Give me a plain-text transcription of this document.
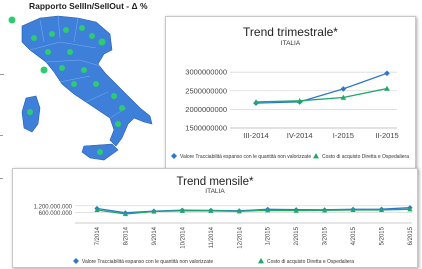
Rapporto SellIn/SellOut - Δ %
Trend trimestrale*
ITALIA
1500000000
2000000000
2500000000
3000000000
III-2014 IV-2014	I-2015	II-2015
Valore Tracciabilità espanso con le quantità non valorizzate Costo di acquisto Diretta e Ospedaliera
Trend mensile*
ITALIA
600.000.000
1.200.000.000
7/2014	8/2014	9/2014	10/2014	11/2014	12/2014	1/2015	2/2015	3/2015	4/2015	5/2015	6/2015
Valore Tracciabilità espanso con le quantità non valorizzate	Costo di acquisto Diretta e Ospedaliera
